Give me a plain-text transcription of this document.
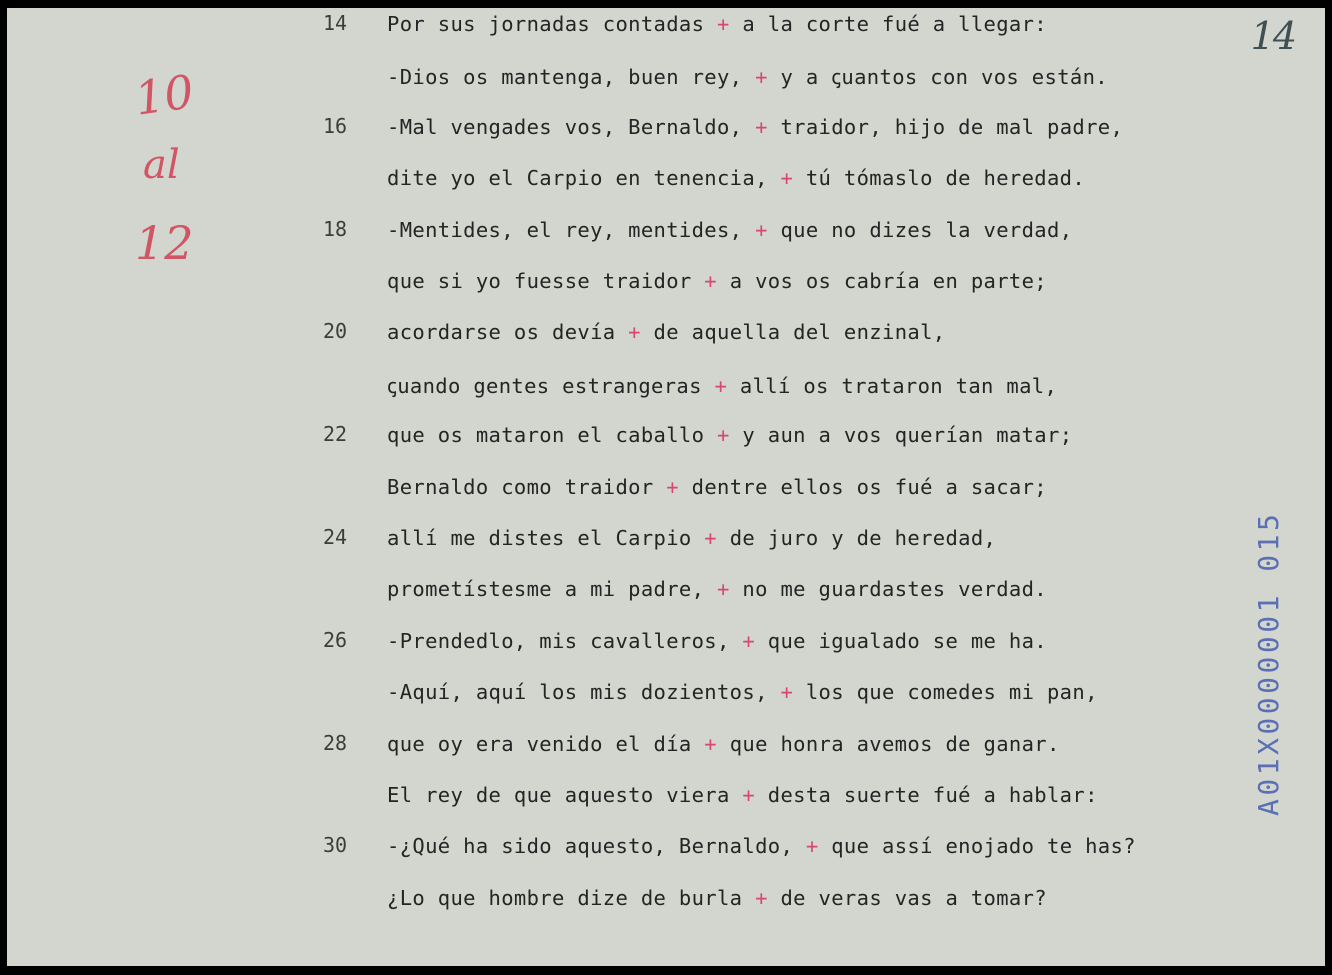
14
10
al
12
A01X0000001 015
14 Por sus jornadas contadas + a la corte fué a llegar:
-Dios os mantenga, buen rey, + y a ꞔuantos con vos están.
16 -Mal vengades vos, Bernaldo, + traidor, hijo de mal padre,
dite yo el Carpio en tenencia, + tú tómaslo de heredad.
18 -Mentides, el rey, mentides, + que no dizes la verdad,
que si yo fuesse traidor + a vos os cabría en parte;
20 acordarse os devía + de aquella del enzinal,
ꞔuando gentes estrangeras + allí os trataron tan mal,
22 que os mataron el caballo + y aun a vos querían matar;
Bernaldo como traidor + dentre ellos os fué a sacar;
24 allí me distes el Carpio + de juro y de heredad,
prometístesme a mi padre, + no me guardastes verdad.
26 -Prendedlo, mis cavalleros, + que igualado se me ha.
-Aquí, aquí los mis dozientos, + los que comedes mi pan,
28 que oy era venido el día + que honra avemos de ganar.
El rey de que aquesto viera + desta suerte fué a hablar:
30 -¿Qué ha sido aquesto, Bernaldo, + que assí enojado te has?
¿Lo que hombre dize de burla + de veras vas a tomar?
